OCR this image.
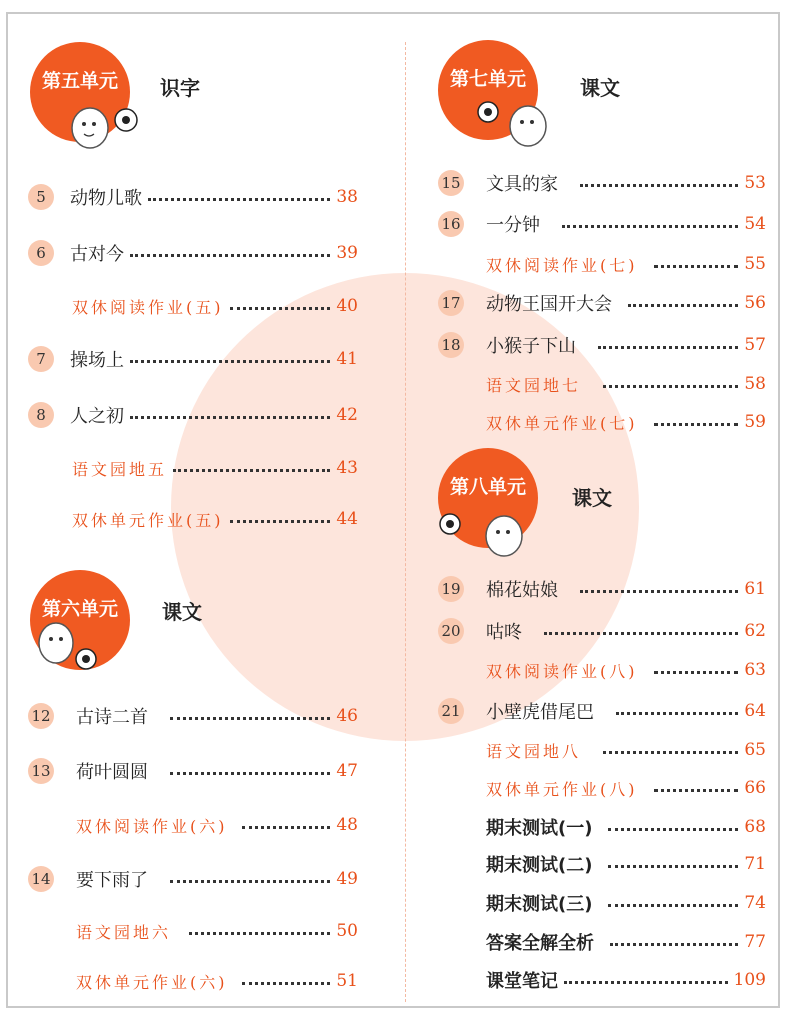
第五单元	识字
第六单元	课文
第七单元	课文
第八单元	课文
5	动物儿歌	38
6	古对今	39
双休阅读作业(五)	40
7	操场上	41
8	人之初	42
语文园地五	43
双休单元作业(五)	44
12 古诗二首	46
13 荷叶圆圆	47
双休阅读作业(六)	48
14 要下雨了	49
语文园地六	50
双休单元作业(六)	51
15 文具的家	53
16 一分钟	54
双休阅读作业(七)	55
17 动物王国开大会	56
18 小猴子下山	57
语文园地七	58
双休单元作业(七)	59
19 棉花姑娘	61
20 咕咚	62
双休阅读作业(八)	63
21 小壁虎借尾巴	64
语文园地八	65
双休单元作业(八)	66
期末测试(一)	68
期末测试(二)	71
期末测试(三)	74
答案全解全析	77
课堂笔记	109
